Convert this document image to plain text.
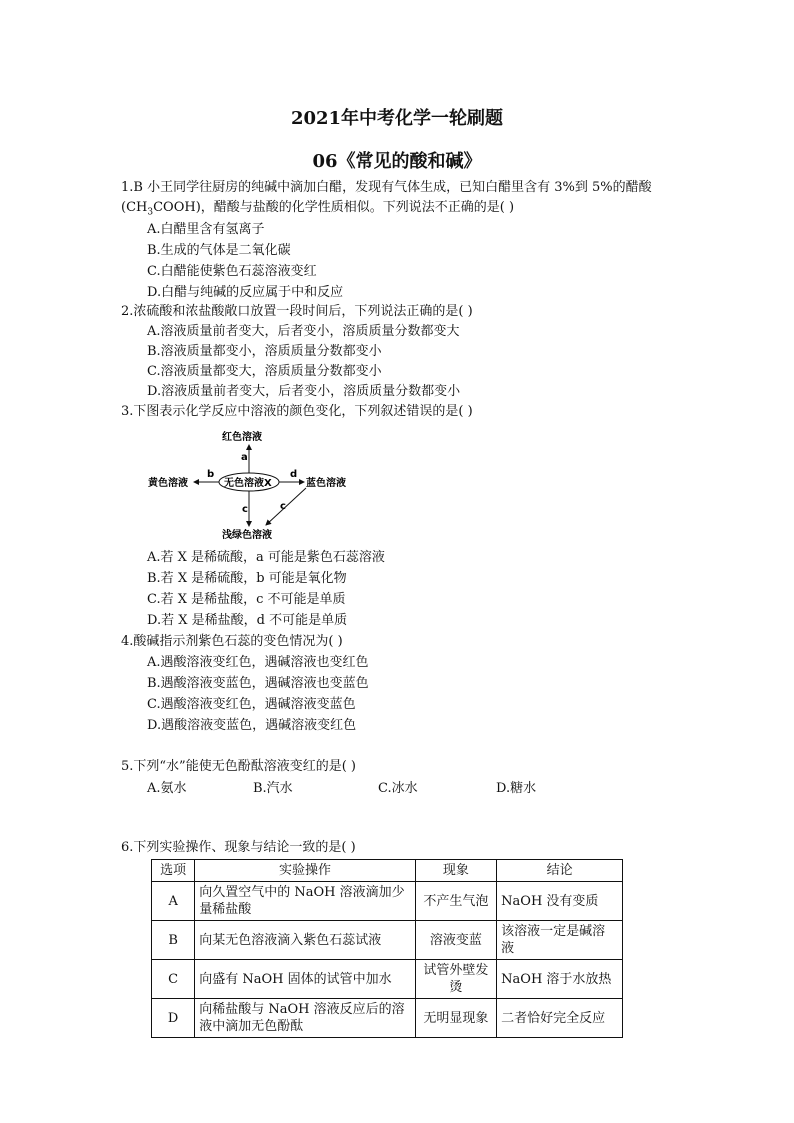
2021年中考化学一轮刷题
06《常见的酸和碱》
1.B 小王同学往厨房的纯碱中滴加白醋，发现有气体生成，已知白醋里含有 3%到 5%的醋酸
$(CH_3COOH)$，醋酸与盐酸的化学性质相似。下列说法不正确的是( )
A.白醋里含有氢离子
B.生成的气体是二氧化碳
C.白醋能使紫色石蕊溶液变红
D.白醋与纯碱的反应属于中和反应
2.浓硫酸和浓盐酸敞口放置一段时间后，下列说法正确的是( )
A.溶液质量前者变大，后者变小，溶质质量分数都变大
B.溶液质量都变小，溶质质量分数都变小
C.溶液质量都变大，溶质质量分数都变小
D.溶液质量前者变大，后者变小，溶质质量分数都变小
3.下图表示化学反应中溶液的颜色变化，下列叙述错误的是( )
红色溶液
a
无色溶液X
b
黄色溶液
d
蓝色溶液
c	c
浅绿色溶液
A.若 X 是稀硫酸，a 可能是紫色石蕊溶液
B.若 X 是稀硫酸，b 可能是氧化物
C.若 X 是稀盐酸，c 不可能是单质
D.若 X 是稀盐酸，d 不可能是单质
4.酸碱指示剂紫色石蕊的变色情况为( )
A.遇酸溶液变红色，遇碱溶液也变红色
B.遇酸溶液变蓝色，遇碱溶液也变蓝色
C.遇酸溶液变红色，遇碱溶液变蓝色
D.遇酸溶液变蓝色，遇碱溶液变红色
5.下列“水”能使无色酚酞溶液变红的是( )
A.氨水	B.汽水	C.冰水	D.糖水
6.下列实验操作、现象与结论一致的是( )
选项	实验操作	现象	结论
A	向久置空气中的 NaOH 溶液滴加少量稀盐酸	不产生气泡	NaOH 没有变质
B	向某无色溶液滴入紫色石蕊试液	溶液变蓝	该溶液一定是碱溶液
C	向盛有 NaOH 固体的试管中加水	试管外壁发烫	NaOH 溶于水放热
D	向稀盐酸与 NaOH 溶液反应后的溶液中滴加无色酚酞	无明显现象	二者恰好完全反应
